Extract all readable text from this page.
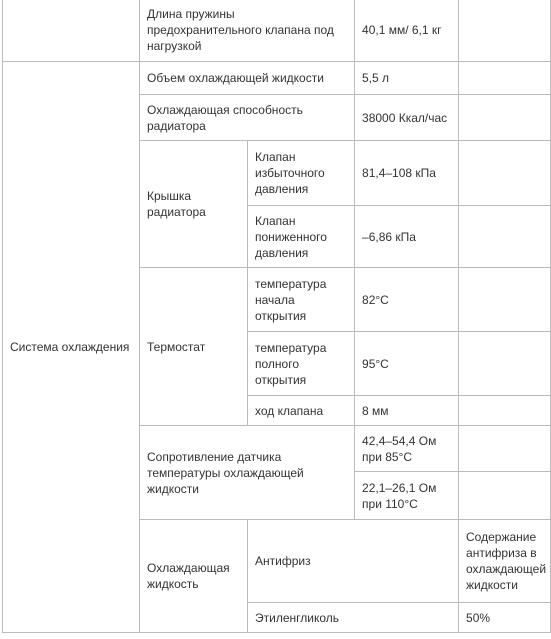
	Длина пружины предохранительного клапана под нагрузкой		40,1 мм/ 6,1 кг		
Система охлаждения	Объем охлаждающей жидкости		5,5 л		
	Охлаждающая способность радиатора		38000 Ккал/час		
	Крышка радиатора	Клапан избыточного давления	81,4–108 кПа		
		Клапан пониженного давления	–6,86 кПа		
	Термостат	температура начала открытия	82°С		
		температура полного открытия	95°С		
		ход клапана	8 мм		
	Сопротивление датчика температуры охлаждающей жидкости		42,4–54,4 Ом при 85°С		
			22,1–26,1 Ом при 110°С		
	Охлаждающая жидкость	Антифриз		Содержание антифриза в охлаждающей жидкости	
		Этиленгликоль		50%	
